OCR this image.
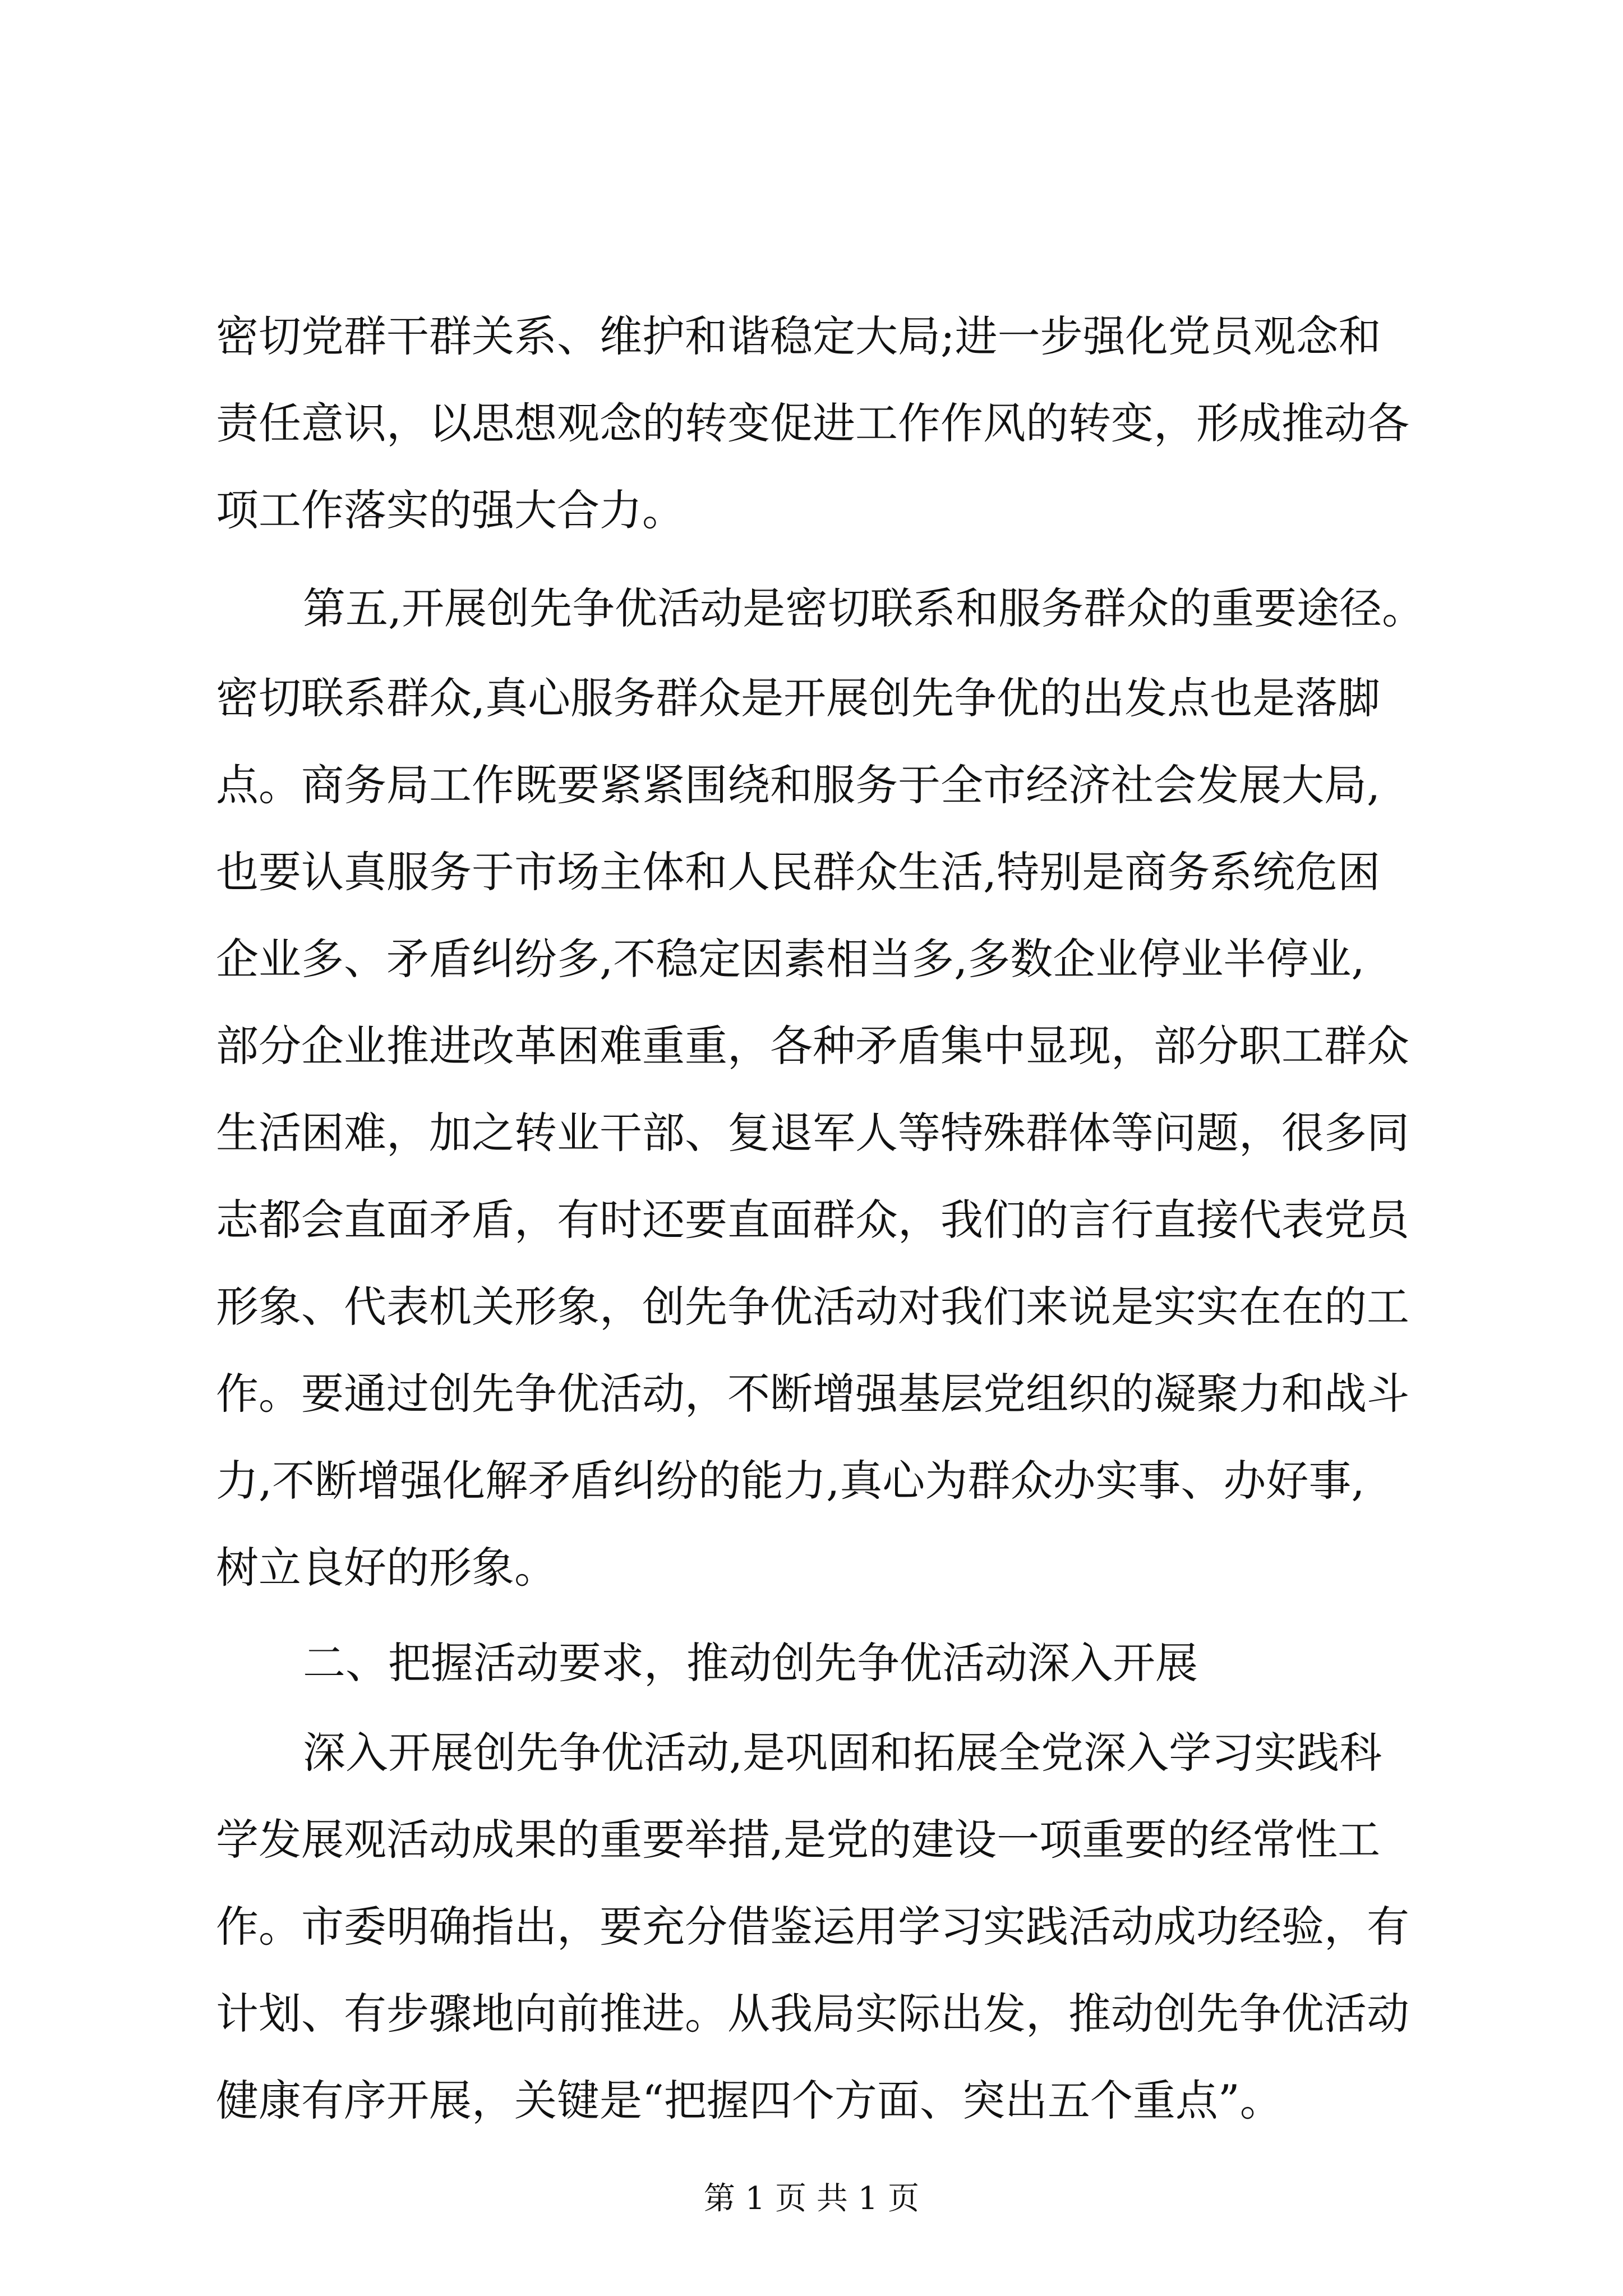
密切党群干群关系、维护和谐稳定大局;进一步强化党员观念和
责任意识，以思想观念的转变促进工作作风的转变，形成推动各
项工作落实的强大合力。
第五,开展创先争优活动是密切联系和服务群众的重要途径。
密切联系群众,真心服务群众是开展创先争优的出发点也是落脚
点。商务局工作既要紧紧围绕和服务于全市经济社会发展大局,
也要认真服务于市场主体和人民群众生活,特别是商务系统危困
企业多、矛盾纠纷多,不稳定因素相当多,多数企业停业半停业,
部分企业推进改革困难重重，各种矛盾集中显现，部分职工群众
生活困难，加之转业干部、复退军人等特殊群体等问题，很多同
志都会直面矛盾，有时还要直面群众，我们的言行直接代表党员
形象、代表机关形象，创先争优活动对我们来说是实实在在的工
作。要通过创先争优活动，不断增强基层党组织的凝聚力和战斗
力,不断增强化解矛盾纠纷的能力,真心为群众办实事、办好事,
树立良好的形象。
二、把握活动要求，推动创先争优活动深入开展
深入开展创先争优活动,是巩固和拓展全党深入学习实践科
学发展观活动成果的重要举措,是党的建设一项重要的经常性工
作。市委明确指出，要充分借鉴运用学习实践活动成功经验，有
计划、有步骤地向前推进。从我局实际出发，推动创先争优活动
健康有序开展，关键是“把握四个方面、突出五个重点”。
第 1 页 共 1 页
